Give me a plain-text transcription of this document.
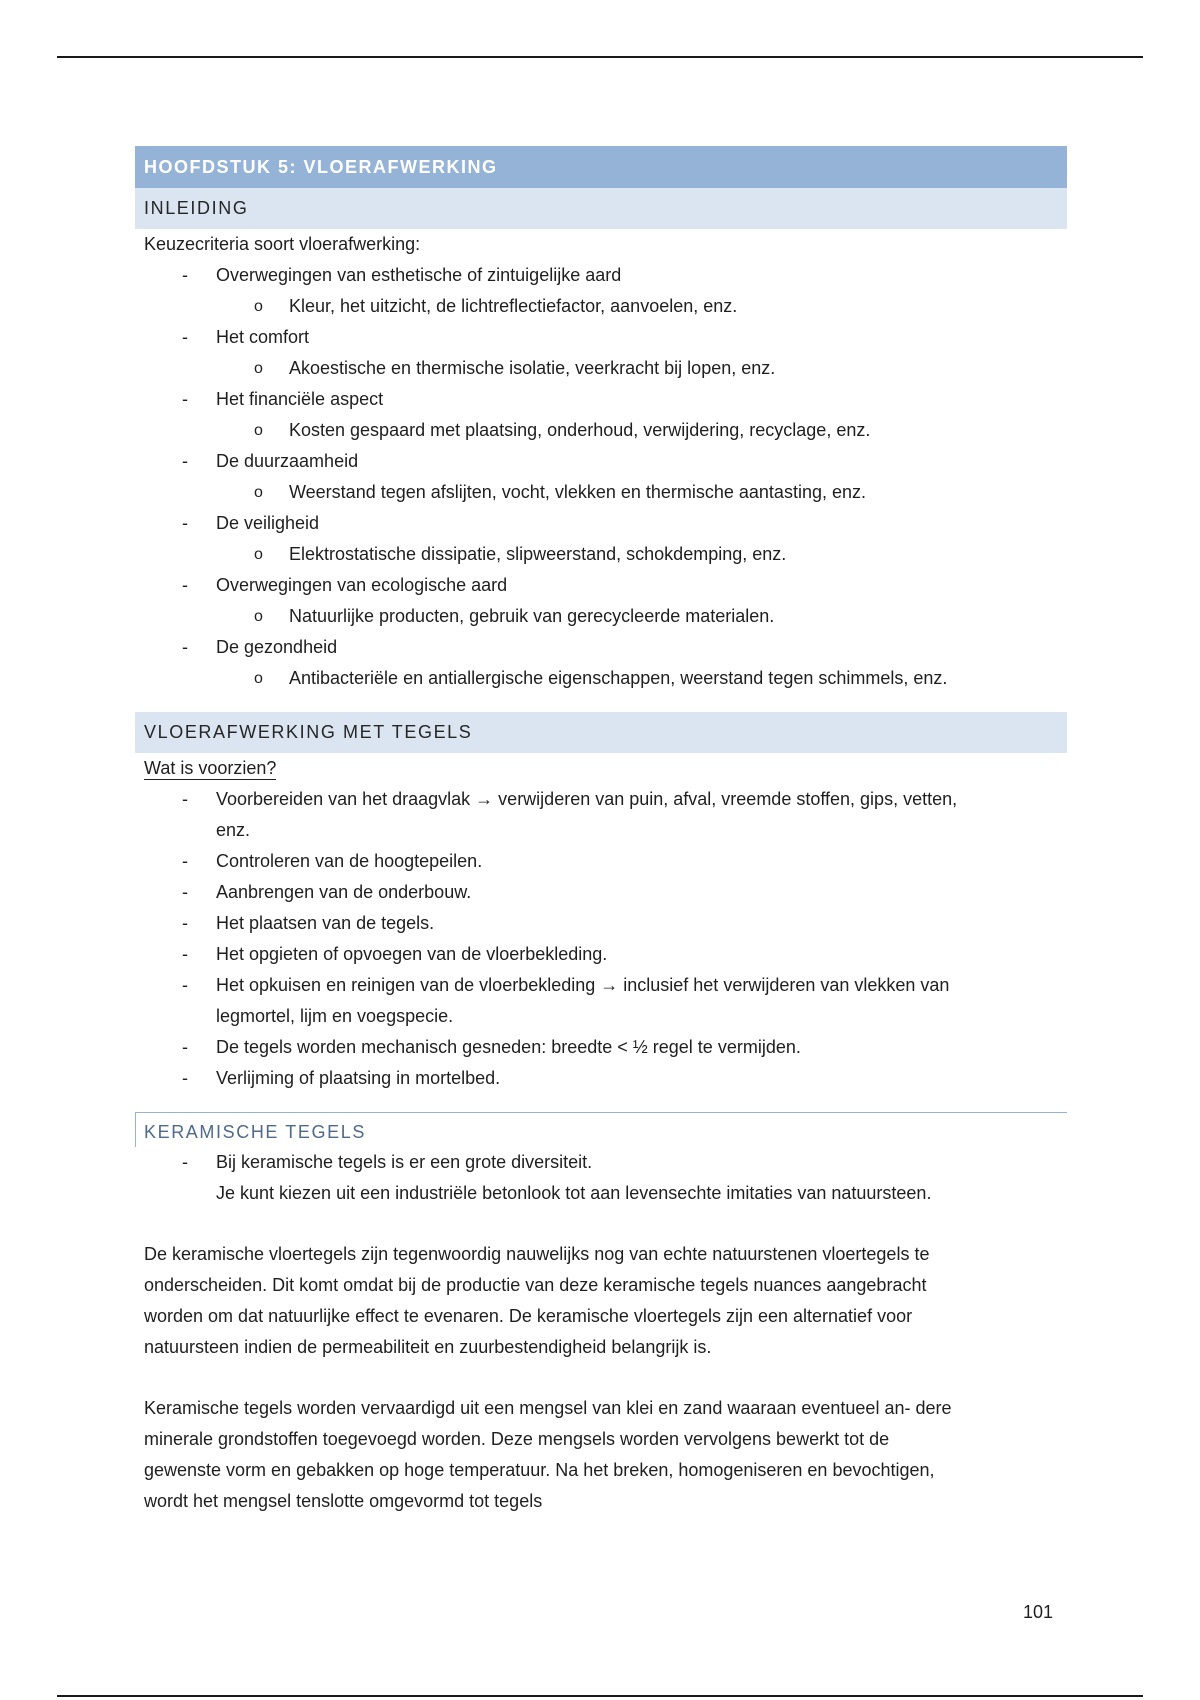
HOOFDSTUK 5: VLOERAFWERKING
INLEIDING
Keuzecriteria soort vloerafwerking:
- Overwegingen van esthetische of zintuigelijke aard
o Kleur, het uitzicht, de lichtreflectiefactor, aanvoelen, enz.
- Het comfort
o Akoestische en thermische isolatie, veerkracht bij lopen, enz.
- Het financiële aspect
o Kosten gespaard met plaatsing, onderhoud, verwijdering, recyclage, enz.
- De duurzaamheid
o Weerstand tegen afslijten, vocht, vlekken en thermische aantasting, enz.
- De veiligheid
o Elektrostatische dissipatie, slipweerstand, schokdemping, enz.
- Overwegingen van ecologische aard
o Natuurlijke producten, gebruik van gerecycleerde materialen.
- De gezondheid
o Antibacteriële en antiallergische eigenschappen, weerstand tegen schimmels, enz.
VLOERAFWERKING MET TEGELS
Wat is voorzien?
- Voorbereiden van het draagvlak → verwijderen van puin, afval, vreemde stoffen, gips, vetten,
enz.
- Controleren van de hoogtepeilen.
- Aanbrengen van de onderbouw.
- Het plaatsen van de tegels.
- Het opgieten of opvoegen van de vloerbekleding.
- Het opkuisen en reinigen van de vloerbekleding → inclusief het verwijderen van vlekken van
legmortel, lijm en voegspecie.
- De tegels worden mechanisch gesneden: breedte < ½ regel te vermijden.
- Verlijming of plaatsing in mortelbed.
KERAMISCHE TEGELS
- Bij keramische tegels is er een grote diversiteit.
Je kunt kiezen uit een industriële betonlook tot aan levensechte imitaties van natuursteen.
De keramische vloertegels zijn tegenwoordig nauwelijks nog van echte natuurstenen vloertegels te
onderscheiden. Dit komt omdat bij de productie van deze keramische tegels nuances aangebracht
worden om dat natuurlijke effect te evenaren. De keramische vloertegels zijn een alternatief voor
natuursteen indien de permeabiliteit en zuurbestendigheid belangrijk is.
Keramische tegels worden vervaardigd uit een mengsel van klei en zand waaraan eventueel an- dere
minerale grondstoffen toegevoegd worden. Deze mengsels worden vervolgens bewerkt tot de
gewenste vorm en gebakken op hoge temperatuur. Na het breken, homogeniseren en bevochtigen,
wordt het mengsel tenslotte omgevormd tot tegels
101
